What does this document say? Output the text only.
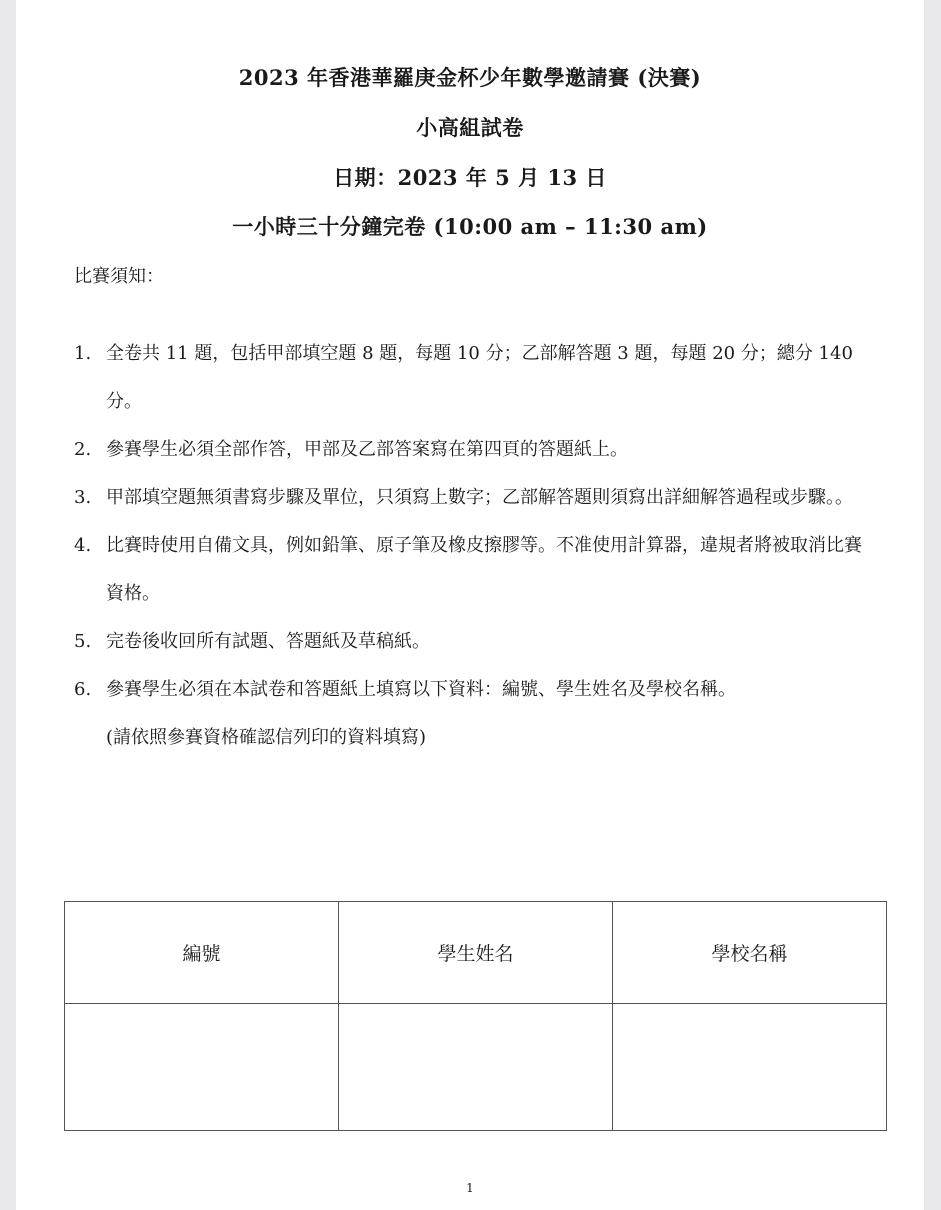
2023 年香港華羅庚金杯少年數學邀請賽 (決賽)
小高組試卷
日期：2023 年 5 月 13 日
一小時三十分鐘完卷 (10:00 am – 11:30 am)
比賽須知：
1. 全卷共 11 題，包括甲部填空題 8 題，每題 10 分；乙部解答題 3 題，每題 20 分；總分 140 分。
2. 參賽學生必須全部作答，甲部及乙部答案寫在第四頁的答題紙上。
3. 甲部填空題無須書寫步驟及單位，只須寫上數字；乙部解答題則須寫出詳細解答過程或步驟。。
4. 比賽時使用自備文具，例如鉛筆、原子筆及橡皮擦膠等。不准使用計算器，違規者將被取消比賽資格。
5. 完卷後收回所有試題、答題紙及草稿紙。
6. 參賽學生必須在本試卷和答題紙上填寫以下資料：編號、學生姓名及學校名稱。
(請依照參賽資格確認信列印的資料填寫)
編號	學生姓名	學校名稱

1
